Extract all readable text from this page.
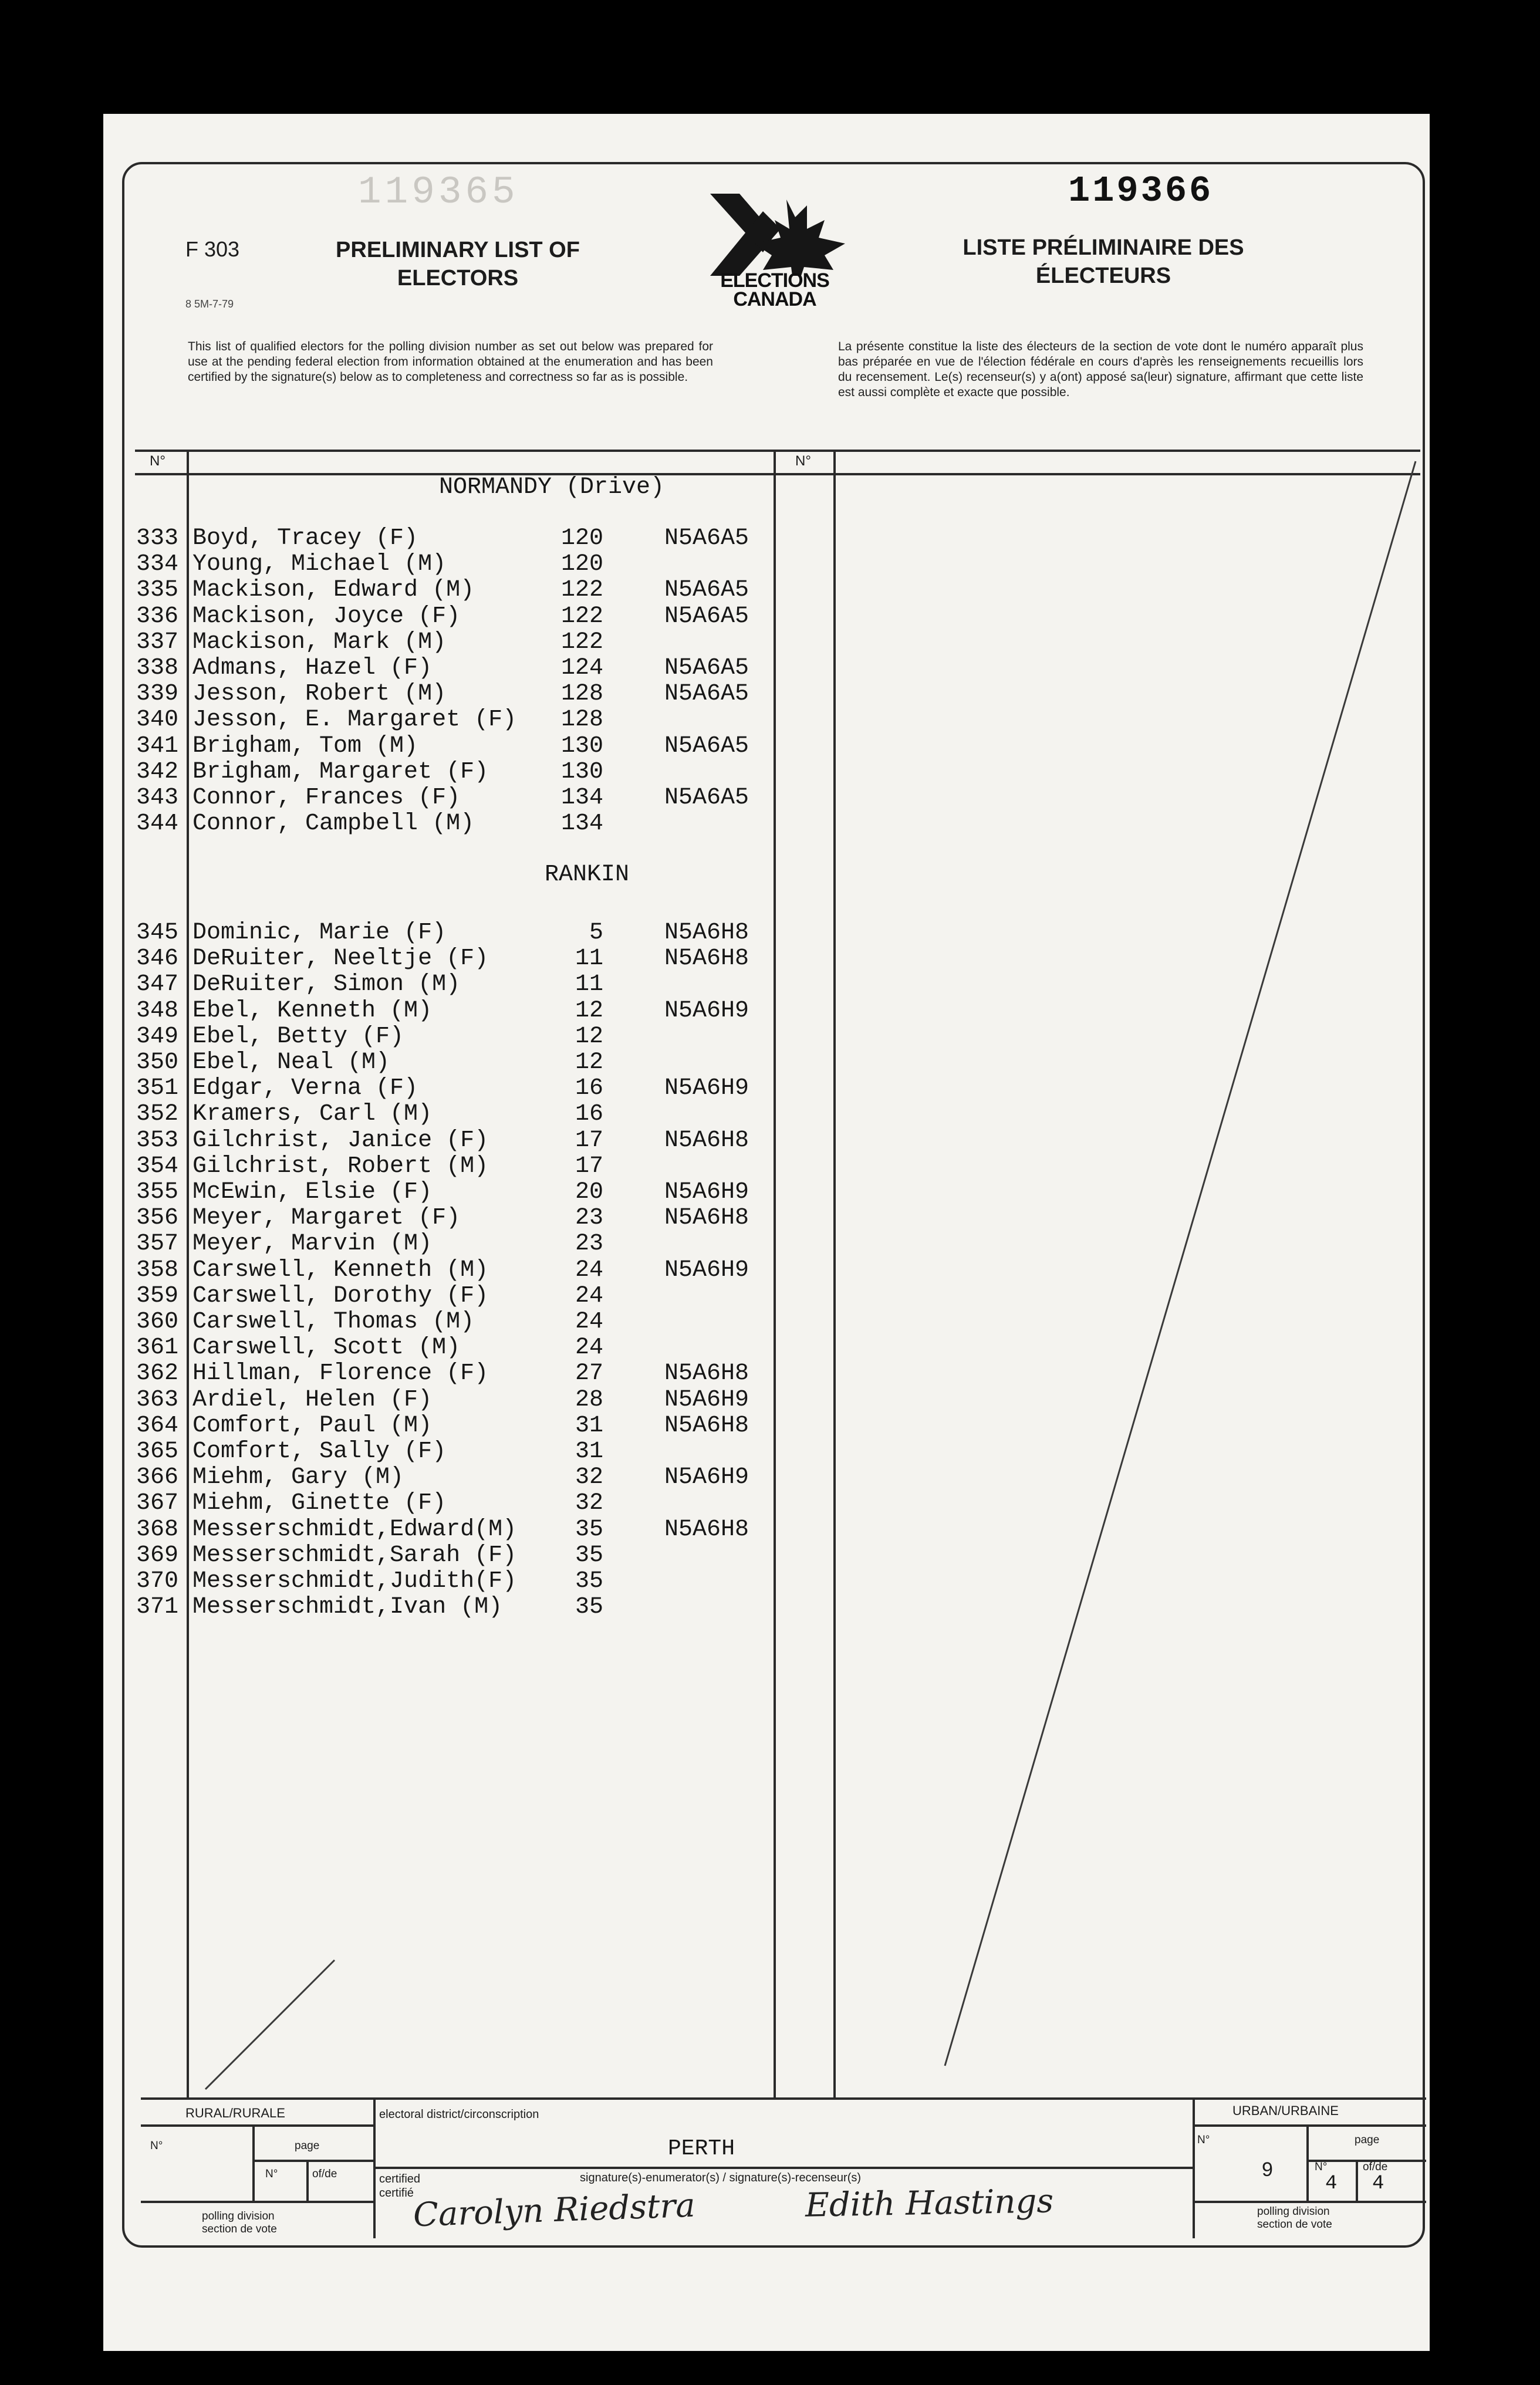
119365	119366
F 303
8 5M-7-79
PRELIMINARY LIST OF ELECTORS
LISTE PRÉLIMINAIRE DES ÉLECTEURS
ELECTIONS CANADA
This list of qualified electors for the polling division number as set out below was prepared for use at the pending federal election from information obtained at the enumeration and has been certified by the signature(s) below as to completeness and correctness so far as is possible.
La présente constitue la liste des électeurs de la section de vote dont le numéro apparaît plus bas préparée en vue de l'élection fédérale en cours d'après les renseignements recueillis lors du recensement. Le(s) recenseur(s) y a(ont) apposé sa(leur) signature, affirmant que cette liste est aussi complète et exacte que possible.
N°	N°
NORMANDY (Drive)
333 Boyd, Tracey (F)	120	N5A6A5
334 Young, Michael (M)	120
335 Mackison, Edward (M)	122	N5A6A5
336 Mackison, Joyce (F)	122	N5A6A5
337 Mackison, Mark (M)	122
338 Admans, Hazel (F)	124	N5A6A5
339 Jesson, Robert (M)	128	N5A6A5
340 Jesson, E. Margaret (F)	128
341 Brigham, Tom (M)	130	N5A6A5
342 Brigham, Margaret (F)	130
343 Connor, Frances (F)	134	N5A6A5
344 Connor, Campbell (M)	134
RANKIN
345 Dominic, Marie (F)	5	N5A6H8
346 DeRuiter, Neeltje (F)	11	N5A6H8
347 DeRuiter, Simon (M)	11
348 Ebel, Kenneth (M)	12	N5A6H9
349 Ebel, Betty (F)	12
350 Ebel, Neal (M)	12
351 Edgar, Verna (F)	16	N5A6H9
352 Kramers, Carl (M)	16
353 Gilchrist, Janice (F)	17	N5A6H8
354 Gilchrist, Robert (M)	17
355 McEwin, Elsie (F)	20	N5A6H9
356 Meyer, Margaret (F)	23	N5A6H8
357 Meyer, Marvin (M)	23
358 Carswell, Kenneth (M)	24	N5A6H9
359 Carswell, Dorothy (F)	24
360 Carswell, Thomas (M)	24
361 Carswell, Scott (M)	24
362 Hillman, Florence (F)	27	N5A6H8
363 Ardiel, Helen (F)	28	N5A6H9
364 Comfort, Paul (M)	31	N5A6H8
365 Comfort, Sally (F)	31
366 Miehm, Gary (M)	32	N5A6H9
367 Miehm, Ginette (F)	32
368 Messerschmidt,Edward(M)	35	N5A6H8
369 Messerschmidt,Sarah (F)	35
370 Messerschmidt,Judith(F)	35
371 Messerschmidt,Ivan (M)	35
RURAL/RURALE
N°	page
N°	of/de
polling division
section de vote
electoral district/circonscription
PERTH
certified
certifié
signature(s)-enumerator(s) / signature(s)-recenseur(s)
Carolyn Riedstra	Edith Hastings
URBAN/URBAINE
N°	page
9	N°	of/de
4 4
polling division
section de vote
